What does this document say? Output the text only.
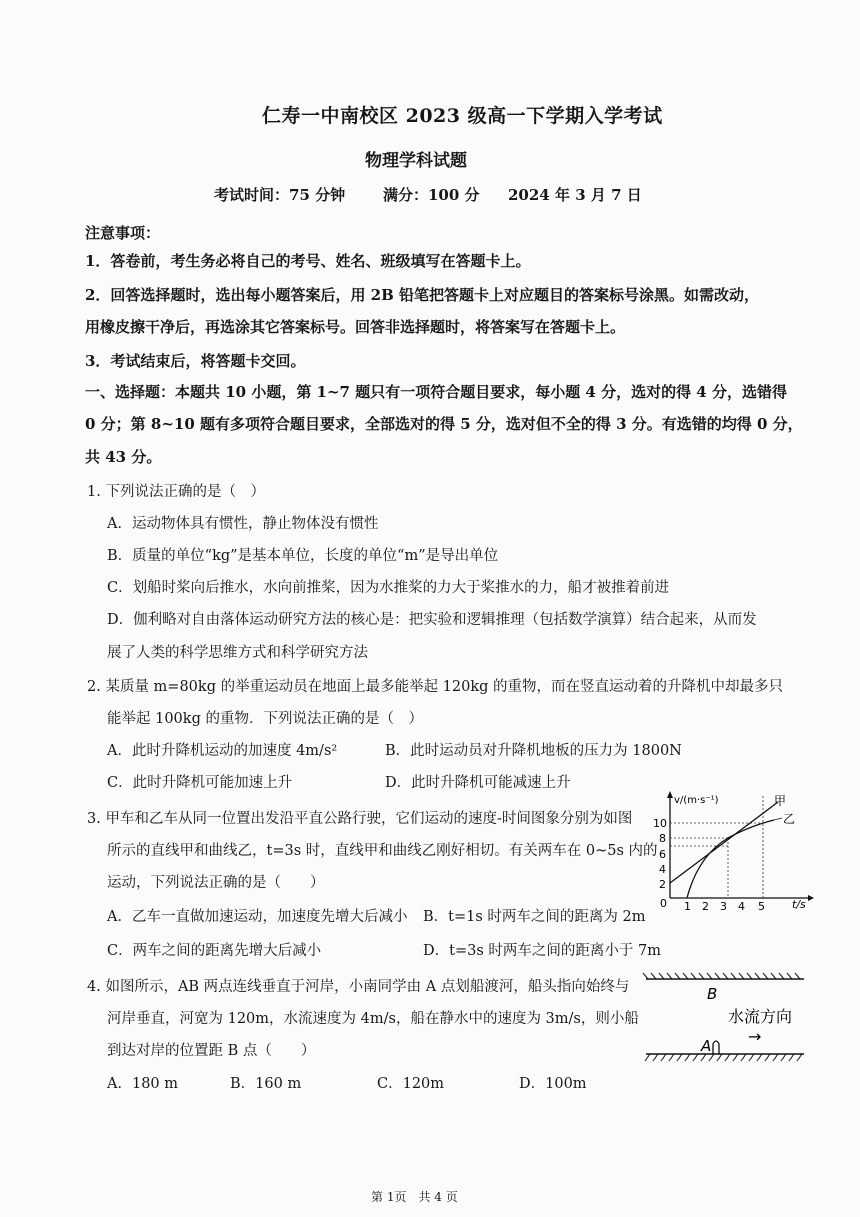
仁寿一中南校区 2023 级高一下学期入学考试
物理学科试题
考试时间：75 分钟	满分：100 分 2024 年 3 月 7 日
注意事项：
1．答卷前，考生务必将自己的考号、姓名、班级填写在答题卡上。
2．回答选择题时，选出每小题答案后，用 2B 铅笔把答题卡上对应题目的答案标号涂黑。如需改动，
用橡皮擦干净后，再选涂其它答案标号。回答非选择题时，将答案写在答题卡上。
3．考试结束后，将答题卡交回。
一、选择题：本题共 10 小题，第 1~7 题只有一项符合题目要求，每小题 4 分，选对的得 4 分，选错得
0 分；第 8~10 题有多项符合题目要求，全部选对的得 5 分，选对但不全的得 3 分。有选错的均得 0 分，
共 43 分。
1. 下列说法正确的是（　）
A．运动物体具有惯性，静止物体没有惯性
B．质量的单位“kg”是基本单位，长度的单位“m”是导出单位
C．划船时桨向后推水，水向前推桨，因为水推桨的力大于桨推水的力，船才被推着前进
D．伽利略对自由落体运动研究方法的核心是：把实验和逻辑推理（包括数学演算）结合起来，从而发
展了人类的科学思维方式和科学研究方法
2. 某质量 m=80kg 的举重运动员在地面上最多能举起 120kg 的重物，而在竖直运动着的升降机中却最多只
能举起 100kg 的重物．下列说法正确的是（　）
A．此时升降机运动的加速度 4m/s²	B．此时运动员对升降机地板的压力为 1800N
C．此时升降机可能加速上升	D．此时升降机可能减速上升
3. 甲车和乙车从同一位置出发沿平直公路行驶，它们运动的速度-时间图象分别为如图
所示的直线甲和曲线乙，t=3s 时，直线甲和曲线乙刚好相切。有关两车在 0~5s 内的
运动，下列说法正确的是（　　）
A．乙车一直做加速运动，加速度先增大后减小 B．t=1s 时两车之间的距离为 2m
C．两车之间的距离先增大后减小	D．t=3s 时两车之间的距离小于 7m
v/(m·s⁻¹)
t/s
0
2
4
6
8
10
1 2 3 4 5
甲
乙
4. 如图所示，AB 两点连线垂直于河岸，小南同学由 A 点划船渡河，船头指向始终与
河岸垂直，河宽为 120m，水流速度为 4m/s，船在静水中的速度为 3m/s，则小船
到达对岸的位置距 B 点（　　）
A．180 m	B．160 m	C．120m	D．100m
B
A
水流方向
→
第 1页　共 4 页
